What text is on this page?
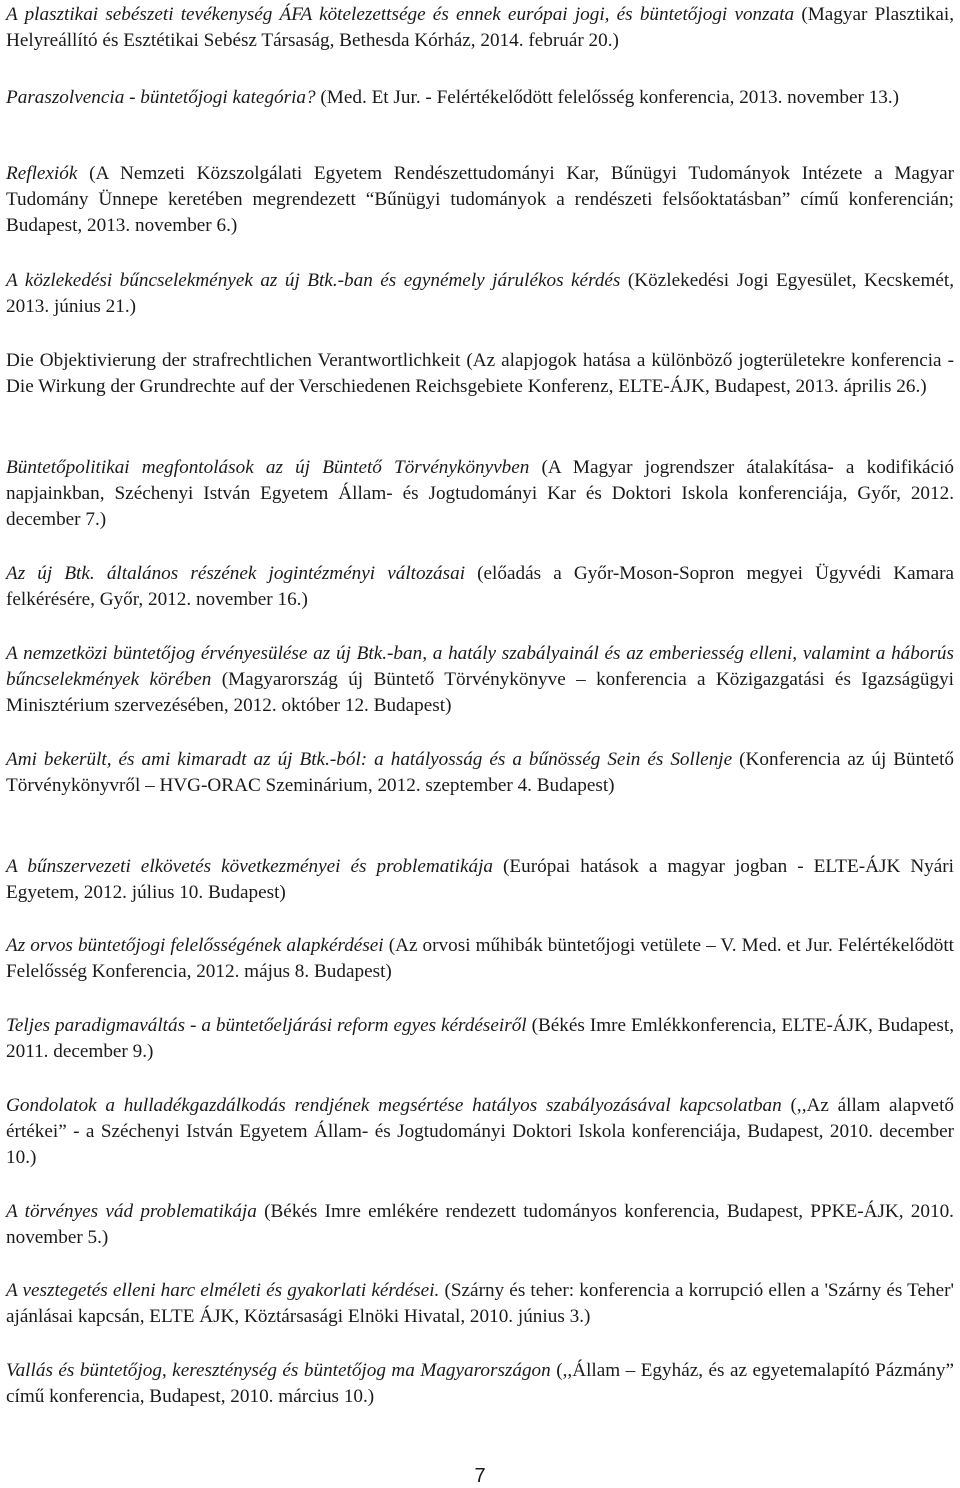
A plasztikai sebészeti tevékenység ÁFA kötelezettsége és ennek európai jogi, és büntetőjogi vonzata (Magyar Plasztikai, Helyreállító és Esztétikai Sebész Társaság, Bethesda Kórház, 2014. február 20.)

Paraszolvencia - büntetőjogi kategória? (Med. Et Jur. - Felértékelődött felelősség konferencia, 2013. november 13.)

Reflexiók (A Nemzeti Közszolgálati Egyetem Rendészettudományi Kar, Bűnügyi Tudományok Intézete a Magyar Tudomány Ünnepe keretében megrendezett “Bűnügyi tudományok a rendészeti felsőoktatásban” című konferencián; Budapest, 2013. november 6.)

A közlekedési bűncselekmények az új Btk.-ban és egynémely járulékos kérdés (Közlekedési Jogi Egyesület, Kecskemét, 2013. június 21.)

Die Objektivierung der strafrechtlichen Verantwortlichkeit (Az alapjogok hatása a különböző jogterületekre konferencia - Die Wirkung der Grundrechte auf der Verschiedenen Reichsgebiete Konferenz, ELTE-ÁJK, Budapest, 2013. április 26.)

Büntetőpolitikai megfontolások az új Büntető Törvénykönyvben (A Magyar jogrendszer átalakítása- a kodifikáció napjainkban, Széchenyi István Egyetem Állam- és Jogtudományi Kar és Doktori Iskola konferenciája, Győr, 2012. december 7.)

Az új Btk. általános részének jogintézményi változásai (előadás a Győr-Moson-Sopron megyei Ügyvédi Kamara felkérésére, Győr, 2012. november 16.)

A nemzetközi büntetőjog érvényesülése az új Btk.-ban, a hatály szabályainál és az emberiesség elleni, valamint a háborús bűncselekmények körében (Magyarország új Büntető Törvénykönyve – konferencia a Közigazgatási és Igazságügyi Minisztérium szervezésében, 2012. október 12. Budapest)

Ami bekerült, és ami kimaradt az új Btk.-ból: a hatályosság és a bűnösség Sein és Sollenje (Konferencia az új Büntető Törvénykönyvről – HVG-ORAC Szeminárium, 2012. szeptember 4. Budapest)

A bűnszervezeti elkövetés következményei és problematikája (Európai hatások a magyar jogban - ELTE-ÁJK Nyári Egyetem, 2012. július 10. Budapest)

Az orvos büntetőjogi felelősségének alapkérdései (Az orvosi műhibák büntetőjogi vetülete – V. Med. et Jur. Felértékelődött Felelősség Konferencia, 2012. május 8. Budapest)

Teljes paradigmaváltás - a büntetőeljárási reform egyes kérdéseiről (Békés Imre Emlékkonferencia, ELTE-ÁJK, Budapest, 2011. december 9.)

Gondolatok a hulladékgazdálkodás rendjének megsértése hatályos szabályozásával kapcsolatban (,,Az állam alapvető értékei” - a Széchenyi István Egyetem Állam- és Jogtudományi Doktori Iskola konferenciája, Budapest, 2010. december 10.)

A törvényes vád problematikája (Békés Imre emlékére rendezett tudományos konferencia, Budapest, PPKE-ÁJK, 2010. november 5.)

A vesztegetés elleni harc elméleti és gyakorlati kérdései. (Szárny és teher: konferencia a korrupció ellen a 'Szárny és Teher' ajánlásai kapcsán, ELTE ÁJK, Köztársasági Elnöki Hivatal, 2010. június 3.)

Vallás és büntetőjog, kereszténység és büntetőjog ma Magyarországon (,,Állam – Egyház, és az egyetemalapító Pázmány” című konferencia, Budapest, 2010. március 10.)

7
